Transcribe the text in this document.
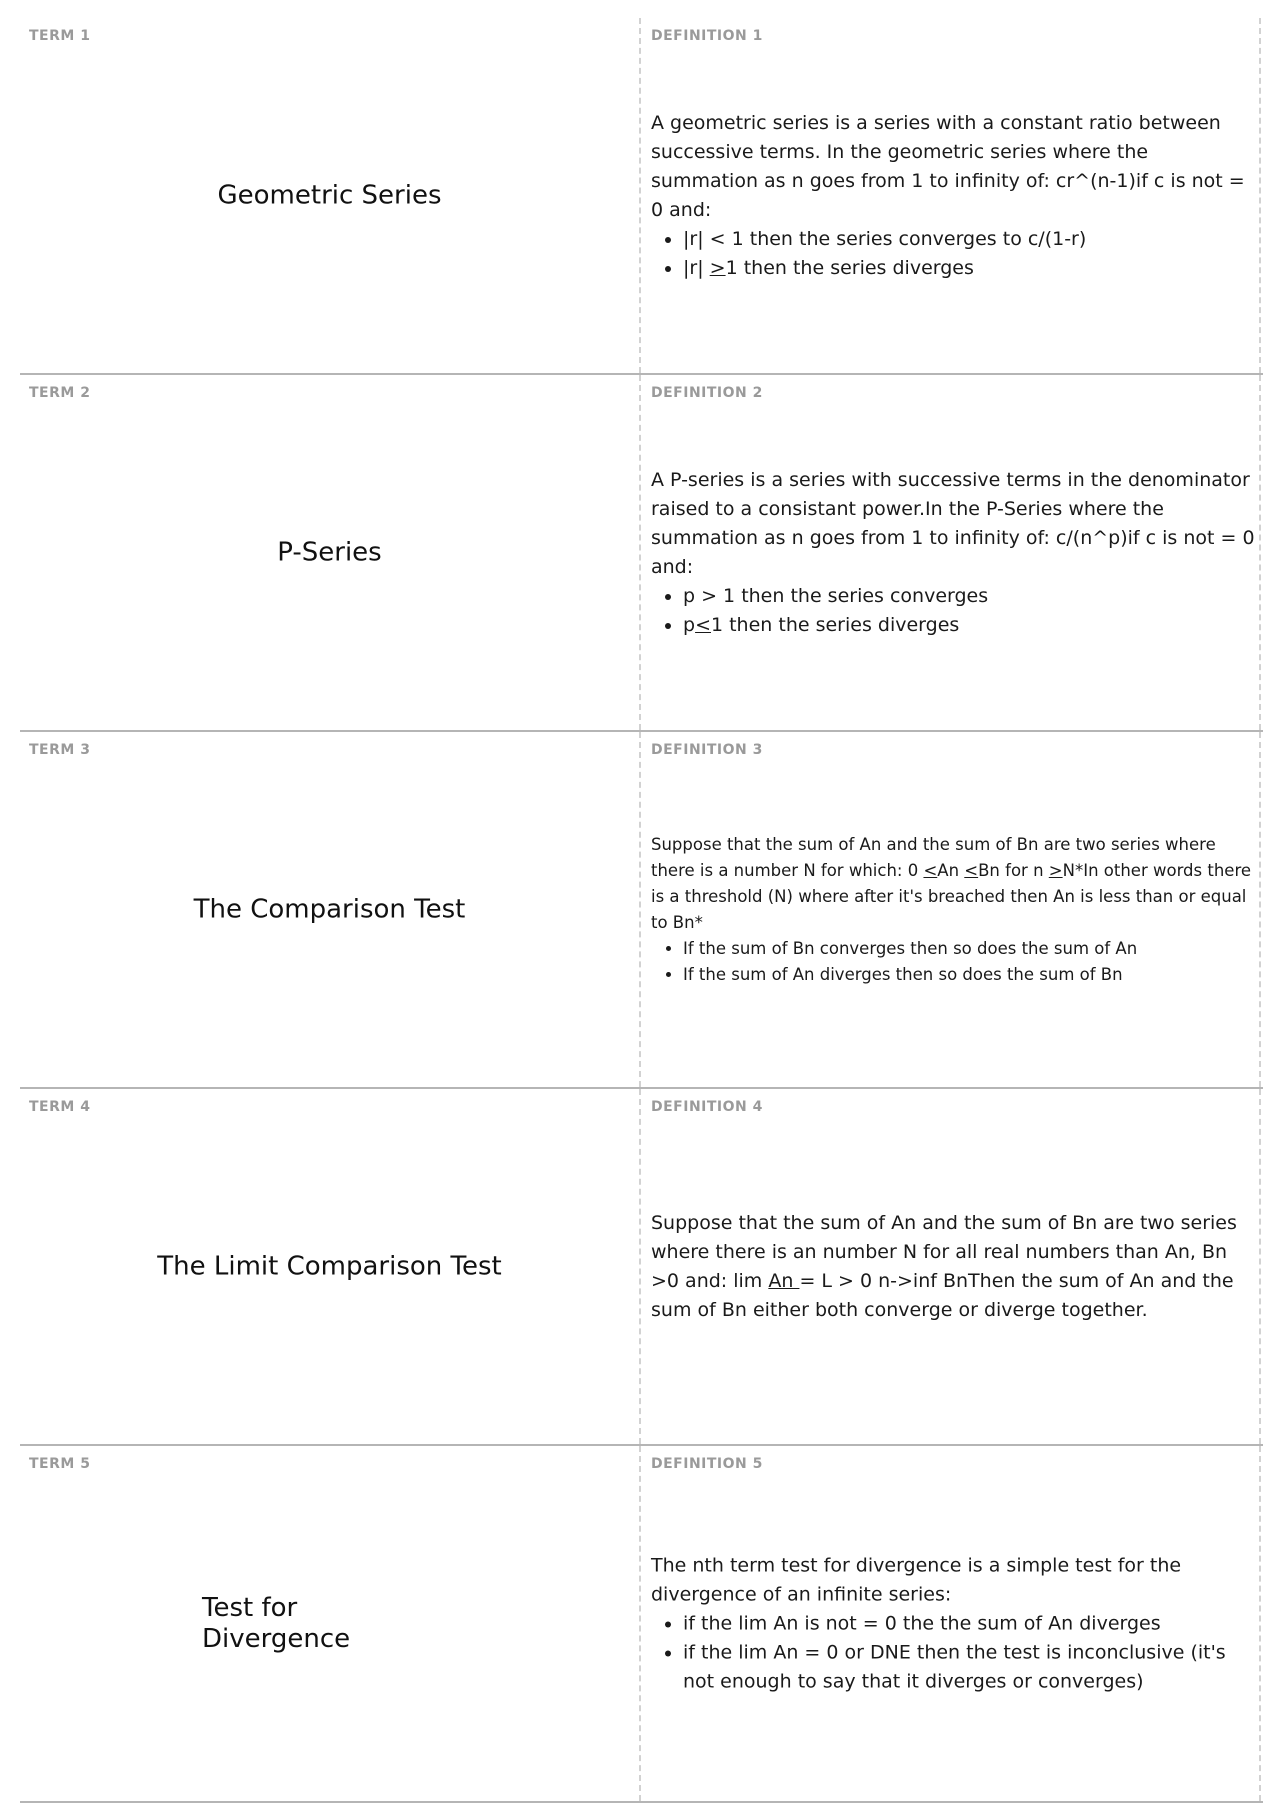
TERM 1
Geometric Series
DEFINITION 1

A geometric series is a series with a constant ratio between successive terms. In the geometric series where the summation as n goes from 1 to infinity of: cr^(n-1)if c is not = 0 and:

• |r| < 1 then the series converges to c/(1-r)
• |r| >1 then the series diverges
TERM 2
P-Series
DEFINITION 2

A P-series is a series with successive terms in the denominator raised to a consistant power.In the P-Series where the summation as n goes from 1 to infinity of: c/(n^p)if c is not = 0 and:

• p > 1 then the series converges
• p<1 then the series diverges
TERM 3
The Comparison Test
DEFINITION 3

Suppose that the sum of An and the sum of Bn are two series where there is a number N for which: 0 <An <Bn for n >N*In other words there is a threshold (N) where after it's breached then An is less than or equal to Bn*

• If the sum of Bn converges then so does the sum of An
• If the sum of An diverges then so does the sum of Bn
TERM 4
The Limit Comparison Test
DEFINITION 4

Suppose that the sum of An and the sum of Bn are two series where there is an number N for all real numbers than An, Bn >0 and: lim An = L > 0 n->inf BnThen the sum of An and the sum of Bn either both converge or diverge together.

TERM 5
Test for
Divergence
DEFINITION 5

The nth term test for divergence is a simple test for the divergence of an infinite series:

• if the lim An is not = 0 the the sum of An diverges
• if the lim An = 0 or DNE then the test is inconclusive (it's not enough to say that it diverges or converges)
